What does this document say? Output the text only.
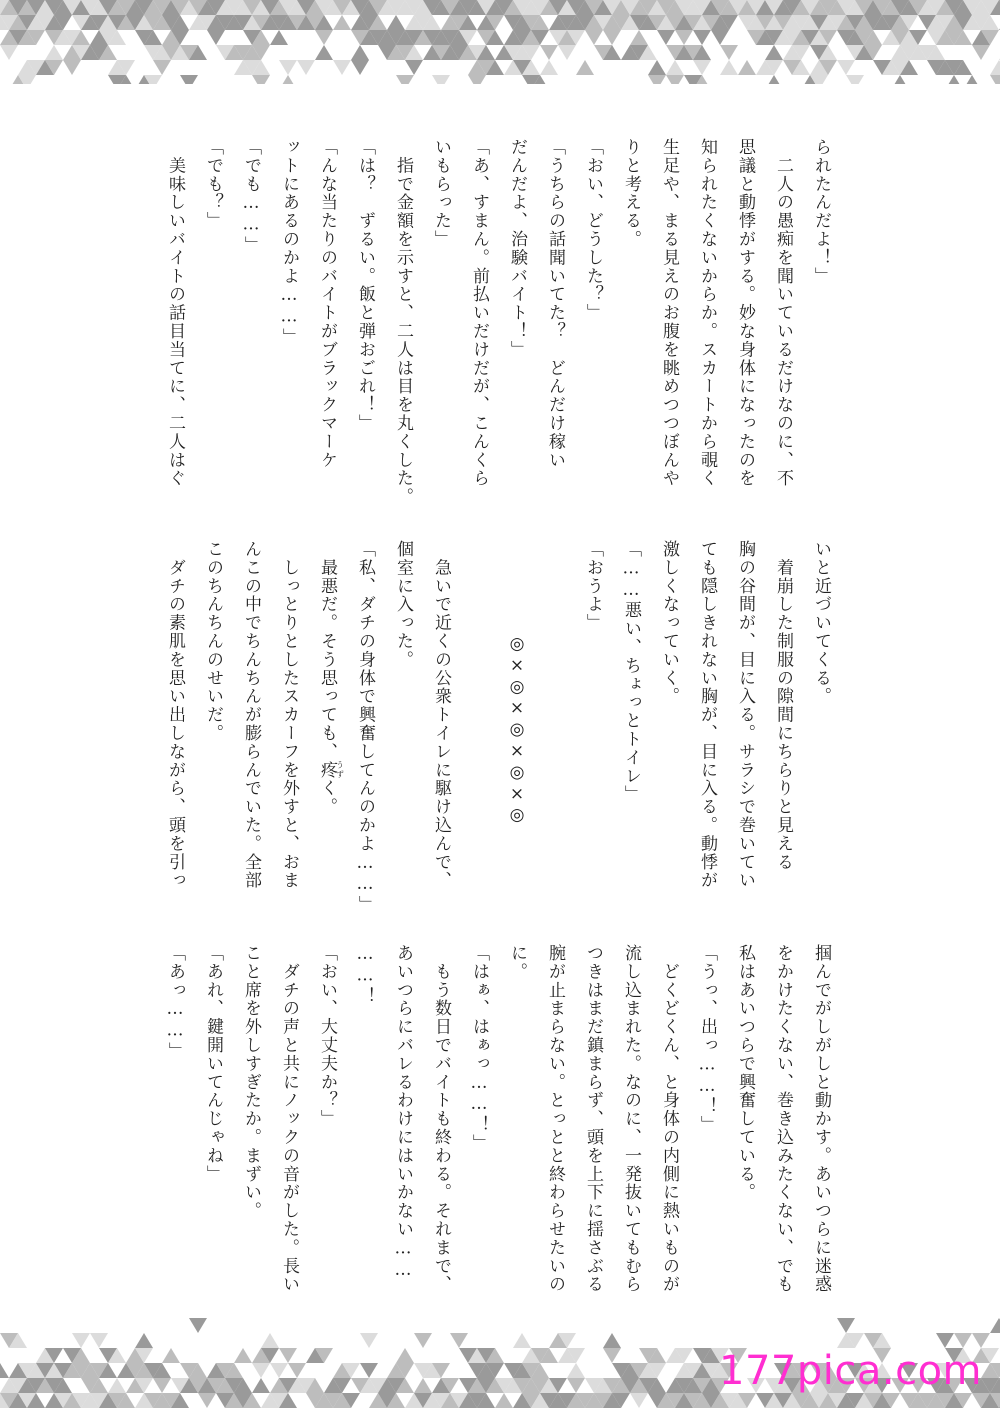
られたんだよ！」
　二人の愚痴を聞いているだけなのに、不
思議と動悸がする。妙な身体になったのを
知られたくないからか。スカートから覗く
生足や、まる見えのお腹を眺めつつぼんや
りと考える。
「おい、どうした？」
「うちらの話聞いてた？　どんだけ稼い
だんだよ、治験バイト！」
「あ、すまん。前払いだけだが、こんくら
いもらった」
　指で金額を示すと、二人は目を丸くした。
「は？　ずるい。飯と弾おごれ！」
「んな当たりのバイトがブラックマーケ
ットにあるのかよ……」
「でも……」
「でも？」
　美味しいバイトの話目当てに、二人はぐ
いと近づいてくる。
　着崩した制服の隙間にちらりと見える
胸の谷間が、目に入る。サラシで巻いてい
ても隠しきれない胸が、目に入る。動悸が
激しくなっていく。
「……悪い、ちょっとトイレ」
「おうよ」
◎×◎×◎×◎×◎
　急いで近くの公衆トイレに駆け込んで、
個室に入った。
「私、ダチの身体で興奮してんのかよ……」
　最悪だ。そう思っても、疼うずく。
　しっとりとしたスカーフを外すと、おま
んこの中でちんちんが膨らんでいた。全部
このちんちんのせいだ。
　ダチの素肌を思い出しながら、頭を引っ
掴んでがしがしと動かす。あいつらに迷惑
をかけたくない、巻き込みたくない、でも
私はあいつらで興奮している。
「うっ、出っ……！」
　どくどくん、と身体の内側に熱いものが
流し込まれた。なのに、一発抜いてもむら
つきはまだ鎮まらず、頭を上下に揺さぶる
腕が止まらない。とっとと終わらせたいの
に。
「はぁ、はぁっ……！」
　もう数日でバイトも終わる。それまで、
あいつらにバレるわけにはいかない……
……！
「おい、大丈夫か？」
　ダチの声と共にノックの音がした。長い
こと席を外しすぎたか。まずい。
「あれ、鍵開いてんじゃね」
「あっ……」
177pica.com
